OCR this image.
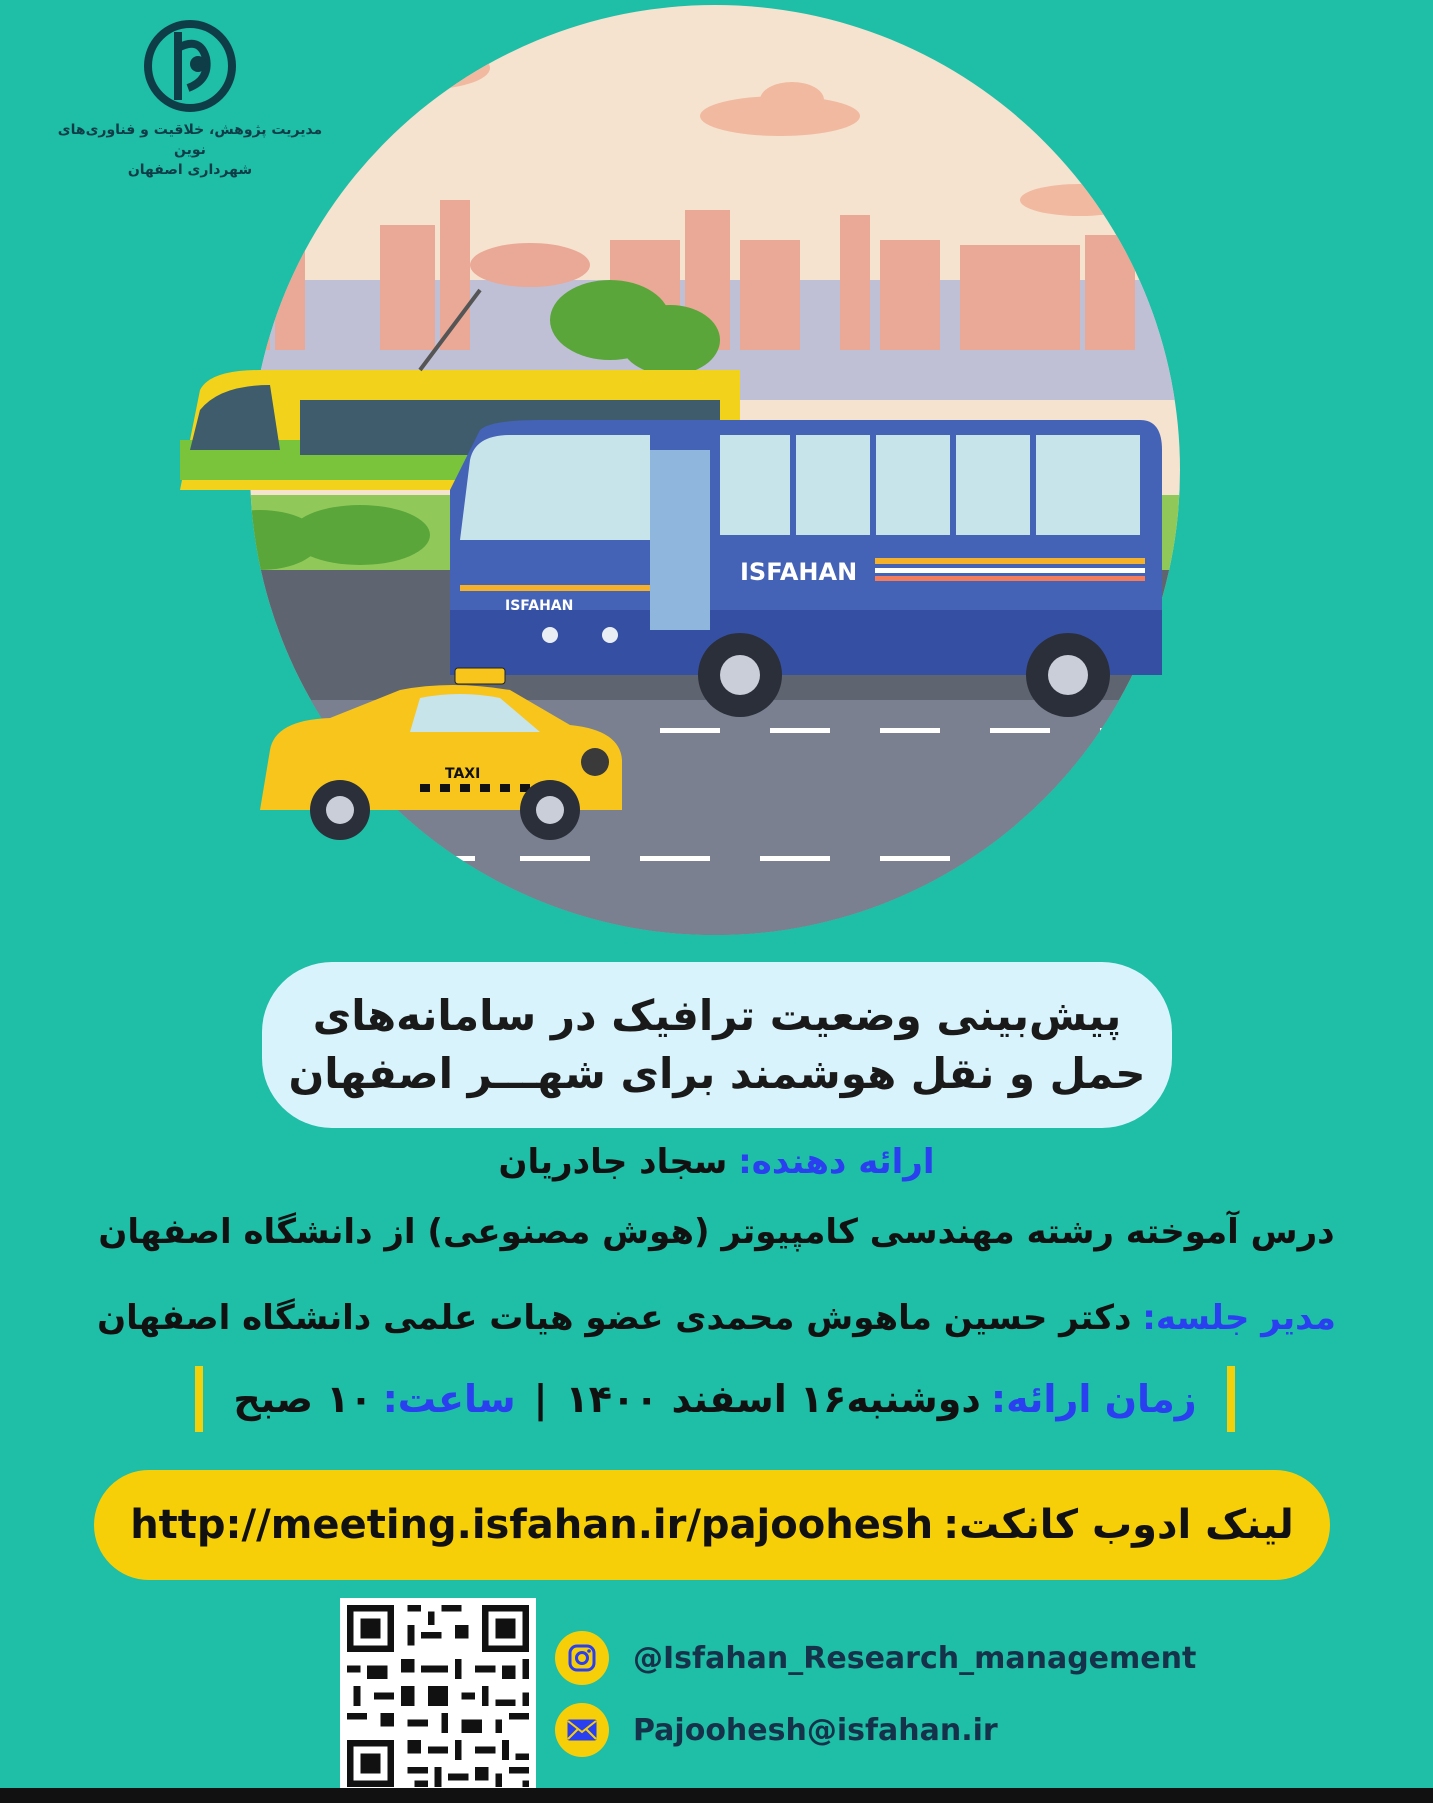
مدیریت پژوهش، خلاقیت و فناوری‌های نوین
شهرداری اصفهان
ISFAHAN
ISFAHAN
TAXI
پیش‌بینی وضعیت ترافیک در سامانه‌های
حمل و نقل هوشمند برای شهـــر اصفهان
ارائه دهنده: سجاد جادریان
درس آموخته رشته مهندسی کامپیوتر (هوش مصنوعی) از دانشگاه اصفهان
مدیر جلسه: دکتر حسین ماهوش محمدی عضو هیات علمی دانشگاه اصفهان
زمان ارائه:
دوشنبه۱۶ اسفند ۱۴۰۰
|
ساعت:
۱۰ صبح
لینک ادوب کانکت:
http://meeting.isfahan.ir/pajoohesh
@Isfahan_Research_management
Pajoohesh@isfahan.ir
